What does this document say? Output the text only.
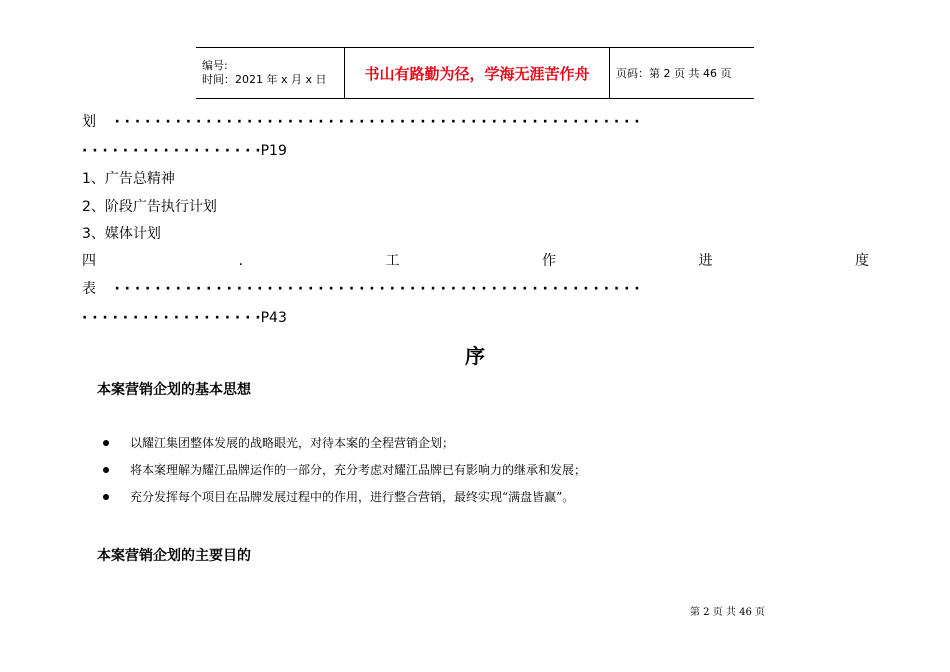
编号:
时间：2021 年 x 月 x 日	书山有路勤为径，学海无涯苦作舟	页码：第 2 页 共 46 页
划 · · · · · · · · · · · · · · · · · · · · · · · · · · · · · · · · · · · · · · · · · · · · · · · · · · · ·
· · · · · · · · · · · · · · · · · ·P19
1、广告总精神
2、阶段广告执行计划
3、媒体计划
四	.	工	作	进	度
表 · · · · · · · · · · · · · · · · · · · · · · · · · · · · · · · · · · · · · · · · · · · · · · · · · · · ·
· · · · · · · · · · · · · · · · · ·P43
序
本案营销企划的基本思想
以耀江集团整体发展的战略眼光，对待本案的全程营销企划；
将本案理解为耀江品牌运作的一部分，充分考虑对耀江品牌已有影响力的继承和发展；
充分发挥每个项目在品牌发展过程中的作用，进行整合营销，最终实现“满盘皆赢”。
本案营销企划的主要目的
第 2 页 共 46 页
